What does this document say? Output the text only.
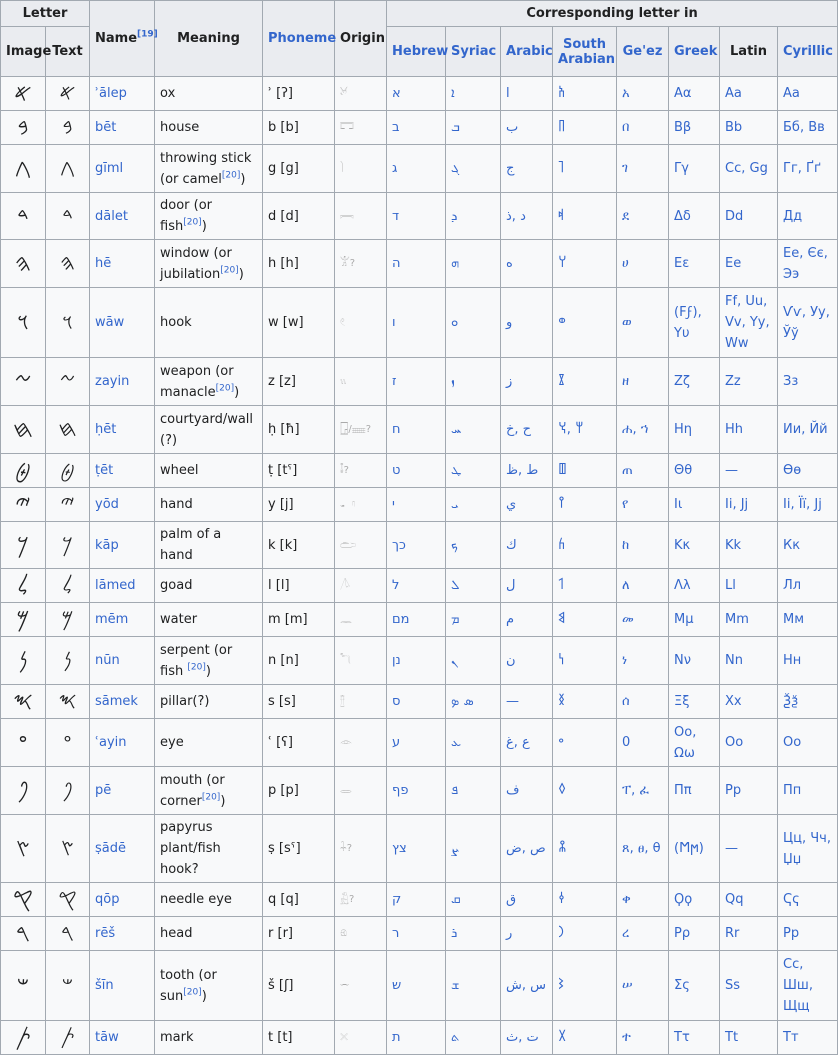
Letter		Name[19]	Meaning	Phoneme	Origin	Corresponding letter in							
Image	Text					Hebrew	Syriac	Arabic	South Arabian	Ge'ez	Greek	Latin	Cyrillic
𐤀	𐤀	ʾālep	ox	ʾ [ʔ]	𓃾	א	ܐ	ا	𐩱	አ	Αα	Aa	Аа
𐤁	𐤁	bēt	house	b [b]	𓉐	ב	ܒ	ب	𐩨	በ	Ββ	Bb	Бб, Вв
𐤂	𐤂	gīml	throwing stick (or camel[20])	g [g]	𓌙	ג	ܓ	ج	𐩴	ገ	Γγ	Cc, Gg	Гг, Ґґ
𐤃	𐤃	dālet	door (or fish[20])	d [d]	𓇯	ד	ܕ	د ,ذ	𐩵	ደ	Δδ	Dd	Дд
𐤄	𐤄	hē	window (or jubilation[20])	h [h]	𓀠?	ה	ܗ	ه	𐩠	ሀ	Εε	Ee	Ее, Єє, Ээ
𐤅	𐤅	wāw	hook	w [w]	𓏲	ו	ܘ	و	𐩥	ወ	(Ϝϝ), Υυ	Ff, Uu, Vv, Yy, Ww	Ѵѵ, Уу, Ўў
𐤆	𐤆	zayin	weapon (or manacle[20])	z [z]	𓏭	ז	ܙ	ز	𐩸	ዘ	Ζζ	Zz	Зз
𐤇	𐤇	ḥēt	courtyard/wall (?)	ḥ [ħ]	𓉗/𓈈?	ח	ܚ	ح ,خ	𐩢 ,𐩭	ሐ, ኀ	Ηη	Hh	Ии, Йй
𐤈	𐤈	ṭēt	wheel	ṭ [tˤ]	𓄤?	ט	ܛ	ط ,ظ	𐩷	ጠ	Θθ	—	Ѳѳ
𐤉	𐤉	yōd	hand	y [j]	𓂝	י	ܝ	ي	𐩺	የ	Ιι	Ii, Jj	Іі, Її, Јј
𐤊	𐤊	kāp	palm of a hand	k [k]	𓂧	כך	ܟ	ك	𐩫	ከ	Κκ	Kk	Кк
𐤋	𐤋	lāmed	goad	l [l]	𓌅	ל	ܠ	ل	𐩡	ለ	Λλ	Ll	Лл
𐤌	𐤌	mēm	water	m [m]	𓈖	מם	ܡ	م	𐩣	መ	Μμ	Mm	Мм
𐤍	𐤍	nūn	serpent (or fish [20])	n [n]	𓆓	נן	ܢ	ن	𐩬	ነ	Νν	Nn	Нн
𐤎	𐤎	sāmek	pillar(?)	s [s]	𓊽	ס	ܣ ܤ	—	𐩯	ሰ	Ξξ	Xx	Ѯѯ
𐤏	𐤏	ʿayin	eye	ʿ [ʕ]	𓁹	ע	ܥ	ع ,غ	𐩲	0	Οο, Ωω	Oo	Оо
𐤐	𐤐	pē	mouth (or corner[20])	p [p]	𓂋	פף	ܦ	ف	𐩰	ፐ, ፈ	Ππ	Pp	Пп
𐤑	𐤑	ṣādē	papyrus plant/fish hook?	ṣ [sˤ]	𓇑?	צץ	ܨ	ص ,ض	𐩮	ጸ, ፀ, θ	(Ϻϻ)	—	Цц, Чч, Џџ
𐤒	𐤒	qōp	needle eye	q [q]	𓃻?	ק	ܩ	ق	𐩤	ቀ	Ϙϙ	Qq	Ҁҁ
𐤓	𐤓	rēš	head	r [r]	𓁶	ר	ܪ	ر	𐩧	ረ	Ρρ	Rr	Рр
𐤔	𐤔	šīn	tooth (or sun[20])	š [ʃ]	𓌓	ש	ܫ	س ,ش	𐩦	ሠ	Σς	Ss	Сс, Шш, Щщ
𐤕	𐤕	tāw	mark	t [t]	𓏴	ת	ܬ	ت ,ث	𐩩	ተ	Ττ	Tt	Тт
